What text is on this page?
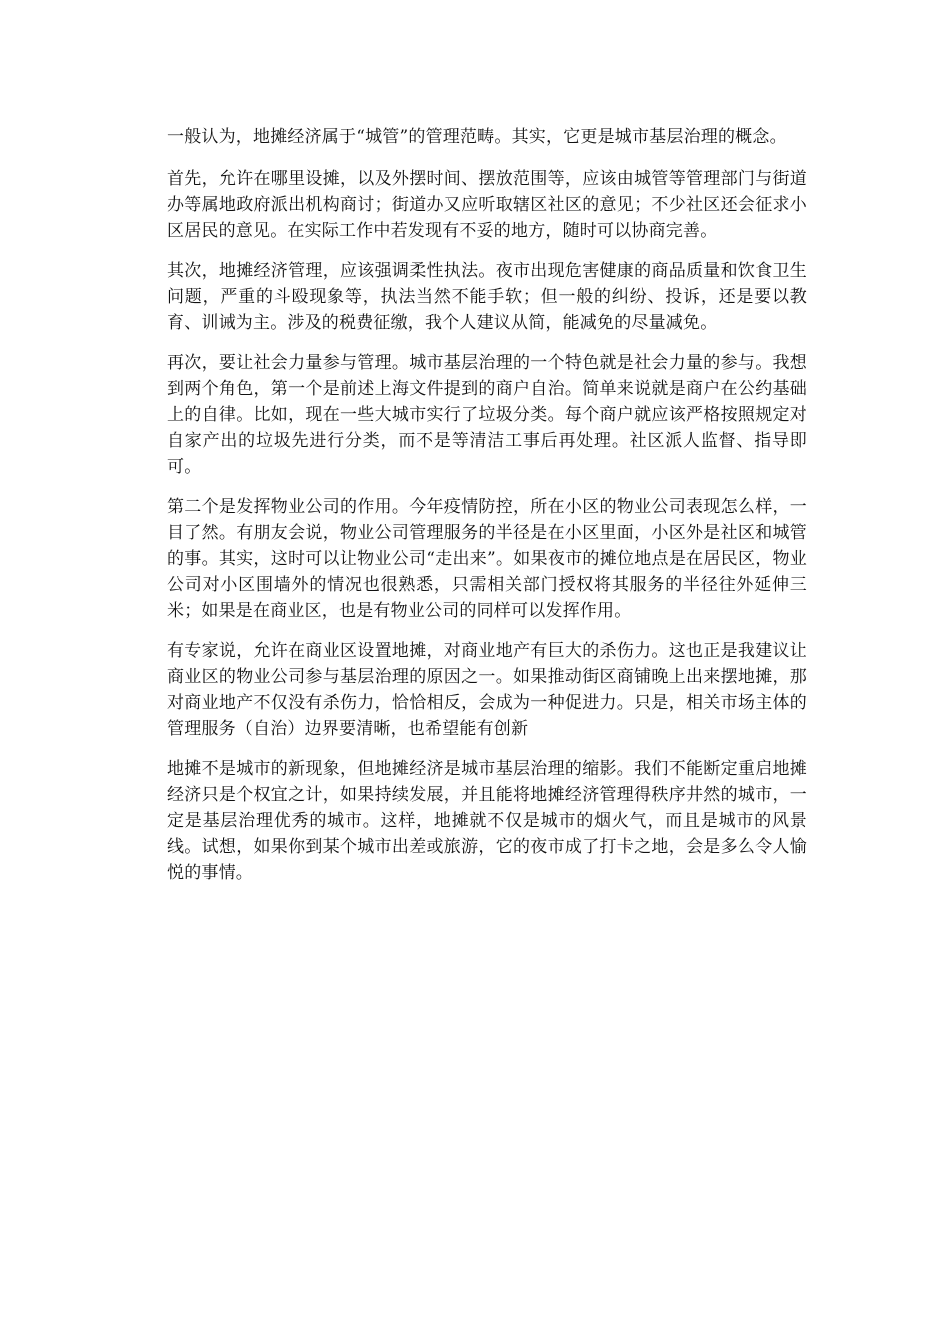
一般认为，地摊经济属于“城管”的管理范畴。其实，它更是城市基层治理的概念。

首先，允许在哪里设摊，以及外摆时间、摆放范围等，应该由城管等管理部门与街道办等属地政府派出机构商讨；街道办又应听取辖区社区的意见；不少社区还会征求小区居民的意见。在实际工作中若发现有不妥的地方，随时可以协商完善。

其次，地摊经济管理，应该强调柔性执法。夜市出现危害健康的商品质量和饮食卫生问题，严重的斗殴现象等，执法当然不能手软；但一般的纠纷、投诉，还是要以教育、训诫为主。涉及的税费征缴，我个人建议从简，能减免的尽量减免。

再次，要让社会力量参与管理。城市基层治理的一个特色就是社会力量的参与。我想到两个角色，第一个是前述上海文件提到的商户自治。简单来说就是商户在公约基础上的自律。比如，现在一些大城市实行了垃圾分类。每个商户就应该严格按照规定对自家产出的垃圾先进行分类，而不是等清洁工事后再处理。社区派人监督、指导即可。

第二个是发挥物业公司的作用。今年疫情防控，所在小区的物业公司表现怎么样，一目了然。有朋友会说，物业公司管理服务的半径是在小区里面，小区外是社区和城管的事。其实，这时可以让物业公司“走出来”。如果夜市的摊位地点是在居民区，物业公司对小区围墙外的情况也很熟悉，只需相关部门授权将其服务的半径往外延伸三米；如果是在商业区，也是有物业公司的同样可以发挥作用。

有专家说，允许在商业区设置地摊，对商业地产有巨大的杀伤力。这也正是我建议让商业区的物业公司参与基层治理的原因之一。如果推动街区商铺晚上出来摆地摊，那对商业地产不仅没有杀伤力，恰恰相反，会成为一种促进力。只是，相关市场主体的管理服务（自治）边界要清晰，也希望能有创新

地摊不是城市的新现象，但地摊经济是城市基层治理的缩影。我们不能断定重启地摊经济只是个权宜之计，如果持续发展，并且能将地摊经济管理得秩序井然的城市，一定是基层治理优秀的城市。这样，地摊就不仅是城市的烟火气，而且是城市的风景线。试想，如果你到某个城市出差或旅游，它的夜市成了打卡之地，会是多么令人愉悦的事情。
